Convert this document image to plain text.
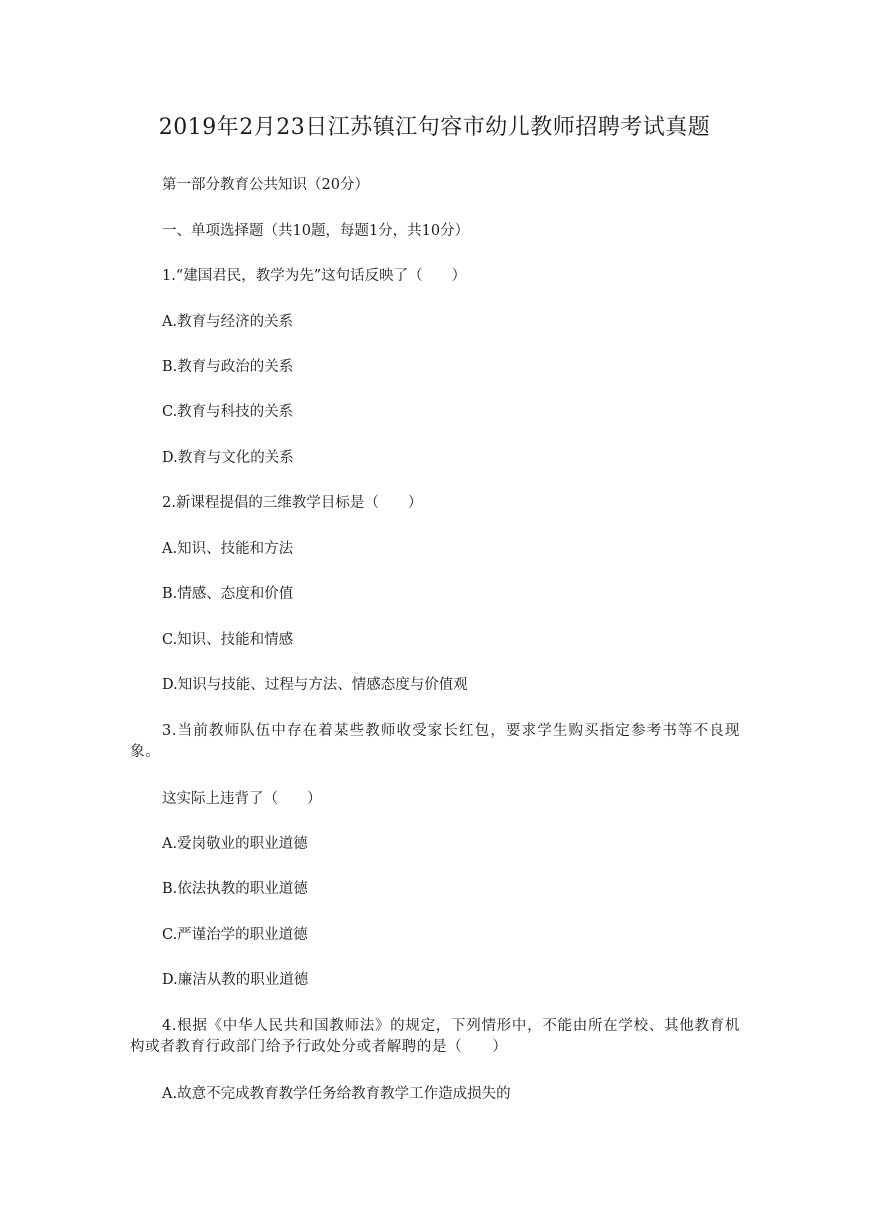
2019年2月23日江苏镇江句容市幼儿教师招聘考试真题
第一部分教育公共知识（20分）
一、单项选择题（共10题，每题1分，共10分）
1.“建国君民，教学为先”这句话反映了（　　）
A.教育与经济的关系
B.教育与政治的关系
C.教育与科技的关系
D.教育与文化的关系
2.新课程提倡的三维教学目标是（　　）
A.知识、技能和方法
B.情感、态度和价值
C.知识、技能和情感
D.知识与技能、过程与方法、情感态度与价值观
3.当前教师队伍中存在着某些教师收受家长红包，要求学生购买指定参考书等不良现象。
这实际上违背了（　　）
A.爱岗敬业的职业道德
B.依法执教的职业道德
C.严谨治学的职业道德
D.廉洁从教的职业道德
4.根据《中华人民共和国教师法》的规定，下列情形中，不能由所在学校、其他教育机构或者教育行政部门给予行政处分或者解聘的是（　　）
A.故意不完成教育教学任务给教育教学工作造成损失的
